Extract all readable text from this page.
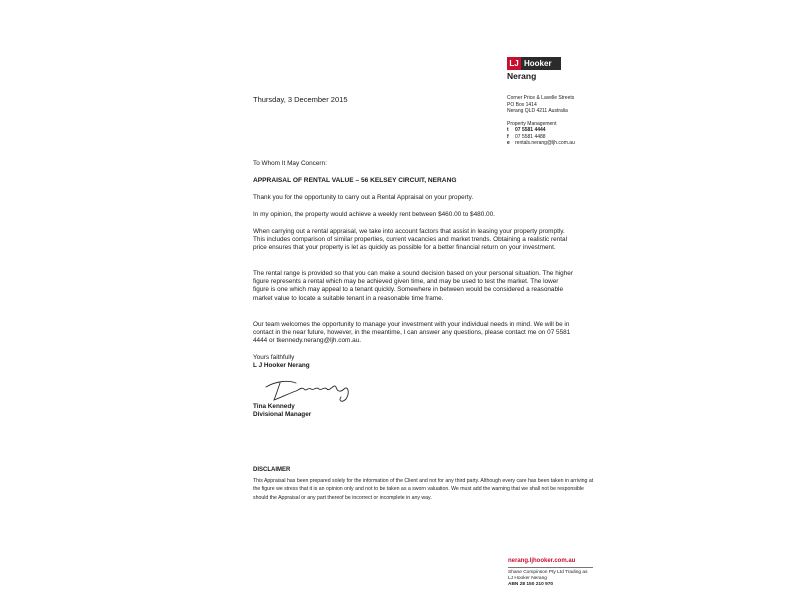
LJ Hooker
Nerang
Thursday, 3 December 2015	Corner Price & Lavelle Streets
PO Box 1414
Nerang QLD 4211 Australia
Property Management
t	07 5581 4444
f	07 5581 4488
e	rentals.nerang@ljh.com.au
To Whom It May Concern:
APPRAISAL OF RENTAL VALUE – 56 KELSEY CIRCUIT, NERANG
Thank you for the opportunity to carry out a Rental Appraisal on your property.
In my opinion, the property would achieve a weekly rent between $460.00 to $480.00.
When carrying out a rental appraisal, we take into account factors that assist in leasing your property promptly. This includes comparison of similar properties, current vacancies and market trends. Obtaining a realistic rental price ensures that your property is let as quickly as possible for a better financial return on your investment.
The rental range is provided so that you can make a sound decision based on your personal situation. The higher figure represents a rental which may be achieved given time, and may be used to test the market. The lower figure is one which may appeal to a tenant quickly. Somewhere in between would be considered a reasonable market value to locate a suitable tenant in a reasonable time frame.
Our team welcomes the opportunity to manage your investment with your individual needs in mind. We will be in contact in the near future, however, in the meantime, I can answer any questions, please contact me on 07 5581 4444 or tkennedy.nerang@ljh.com.au.
Yours faithfully
L J Hooker Nerang
Tina Kennedy
Divisional Manager
DISCLAIMER
This Appraisal has been prepared solely for the information of the Client and not for any third party. Although every care has been taken in arriving at the figure we stress that it is an opinion only and not to be taken as a sworn valuation. We must add the warning that we shall not be responsible should the Appraisal or any part thereof be incorrect or incomplete in any way.
nerang.ljhooker.com.au
Shane Compinson Pty Ltd Trading as
LJ Hooker Nerang
ABN 28 150 210 970
